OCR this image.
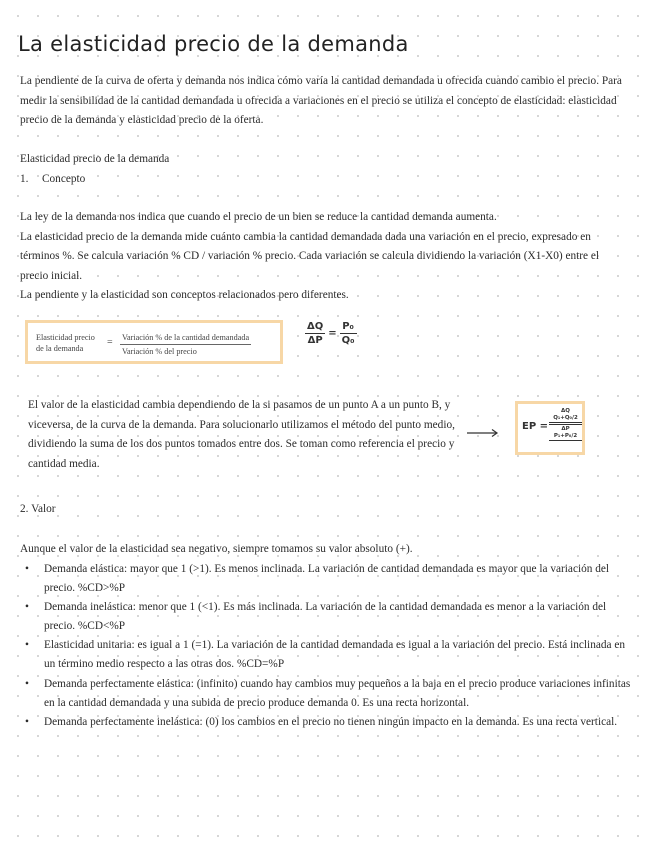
La elasticidad precio de la demanda

La pendiente de la curva de oferta y demanda nos indica cómo varía la cantidad demandada u ofrecida cuando cambio el precio. Para medir la sensibilidad de la cantidad demandada u ofrecida a variaciones en el precio se utiliza el concepto de elasticidad: elasticidad precio de la demanda y elasticidad precio de la oferta.

Elasticidad precio de la demanda

1. Concepto

La ley de la demanda nos indica que cuando el precio de un bien se reduce la cantidad demanda aumenta.
La elasticidad precio de la demanda mide cuánto cambia la cantidad demandada dada una variación en el precio, expresado en términos %. Se calcula variación % CD / variación % precio. Cada variación se calcula dividiendo la variación (X1-X0) entre el precio inicial.
La pendiente y la elasticidad son conceptos relacionados pero diferentes.
Elasticidad precio
de la demanda
= Variación % de la cantidad demandada
Variación % del precio
$\frac{\Delta Q}{\Delta P} = \frac{\text{P₀}}{\text{Q₀}}$

El valor de la elasticidad cambia dependiendo de la si pasamos de un punto A a un punto B, y viceversa, de la curva de la demanda. Para solucionarlo utilizamos el método del punto medio, dividiendo la suma de los dos puntos tomados entre dos. Se toman como referencia el precio y cantidad media.

EP =
ΔQ
Q₁+Q₀/2
ΔP
P₁+P₀/2

2. Valor

Aunque el valor de la elasticidad sea negativo, siempre tomamos su valor absoluto (+).

• Demanda elástica: mayor que 1 (>1). Es menos inclinada. La variación de cantidad demandada es mayor que la variación del precio. %CD>%P
• Demanda inelástica: menor que 1 (<1). Es más inclinada. La variación de la cantidad demandada es menor a la variación del precio. %CD<%P
• Elasticidad unitaria: es igual a 1 (=1). La variación de la cantidad demandada es igual a la variación del precio. Está inclinada en un término medio respecto a las otras dos. %CD=%P
• Demanda perfectamente elástica: (infinito) cuando hay cambios muy pequeños a la baja en el precio produce variaciones infinitas en la cantidad demandada y una subida de precio produce demanda 0. Es una recta horizontal.
• Demanda perfectamente inelástica: (0) los cambios en el precio no tienen ningún impacto en la demanda. Es una recta vertical.
